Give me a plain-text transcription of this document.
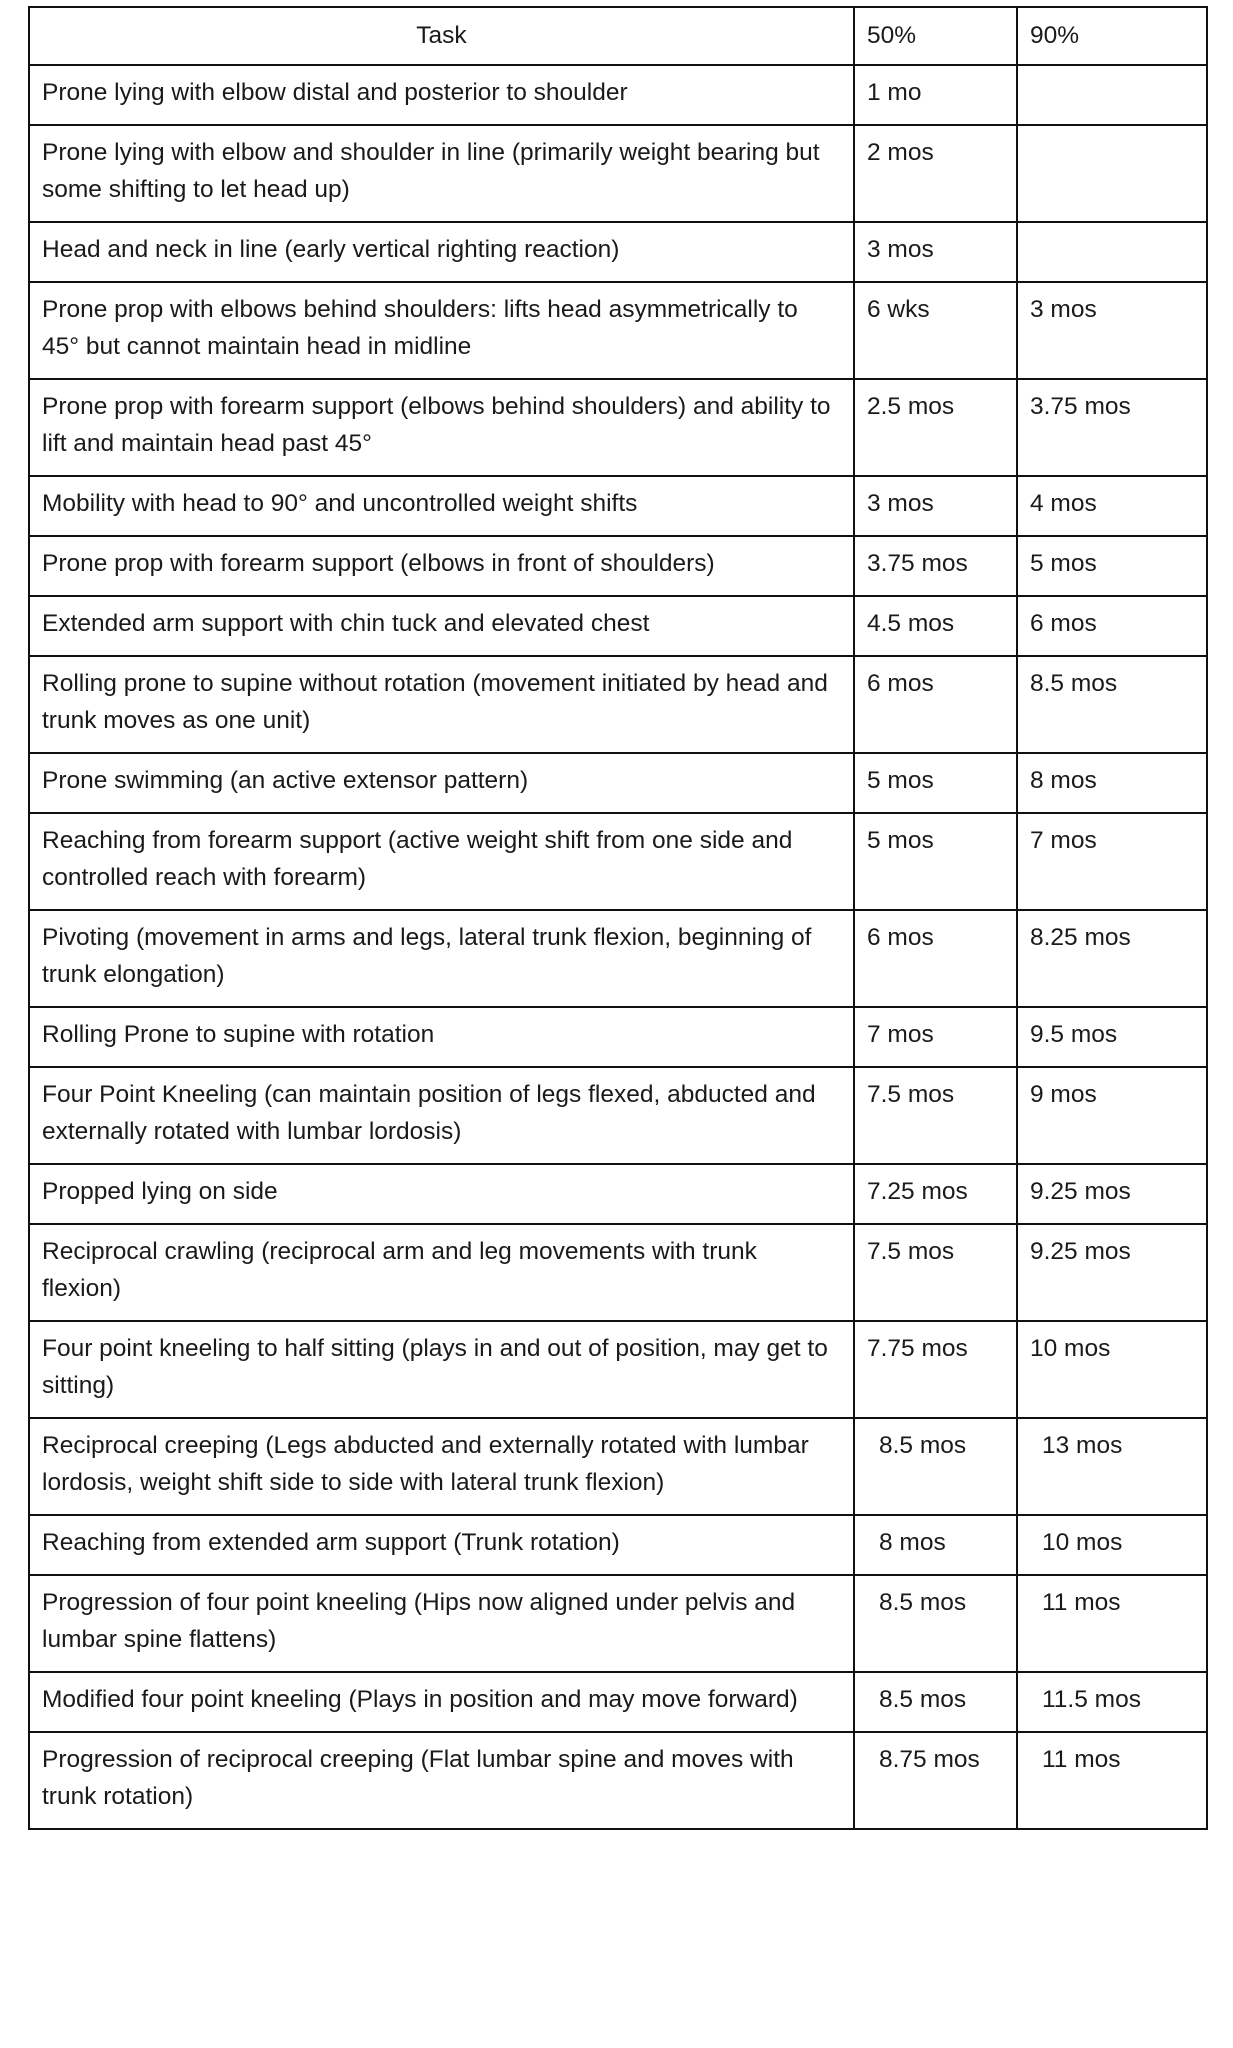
Task	50%	90%
Prone lying with elbow distal and posterior to shoulder	1 mo	
Prone lying with elbow and shoulder in line (primarily weight bearing but some shifting to let head up)	2 mos	
Head and neck in line (early vertical righting reaction)	3 mos	
Prone prop with elbows behind shoulders: lifts head asymmetrically to 45° but cannot maintain head in midline	6 wks	3 mos
Prone prop with forearm support (elbows behind shoulders) and ability to lift and maintain head past 45°	2.5 mos	3.75 mos
Mobility with head to 90° and uncontrolled weight shifts	3 mos	4 mos
Prone prop with forearm support (elbows in front of shoulders)	3.75 mos	5 mos
Extended arm support with chin tuck and elevated chest	4.5 mos	6 mos
Rolling prone to supine without rotation (movement initiated by head and trunk moves as one unit)	6 mos	8.5 mos
Prone swimming (an active extensor pattern)	5 mos	8 mos
Reaching from forearm support (active weight shift from one side and controlled reach with forearm)	5 mos	7 mos
Pivoting (movement in arms and legs, lateral trunk flexion, beginning of trunk elongation)	6 mos	8.25 mos
Rolling Prone to supine with rotation	7 mos	9.5 mos
Four Point Kneeling (can maintain position of legs flexed, abducted and externally rotated with lumbar lordosis)	7.5 mos	9 mos
Propped lying on side	7.25 mos	9.25 mos
Reciprocal crawling (reciprocal arm and leg movements with trunk flexion)	7.5 mos	9.25 mos
Four point kneeling to half sitting (plays in and out of position, may get to sitting)	7.75 mos	10 mos
Reciprocal creeping (Legs abducted and externally rotated with lumbar lordosis, weight shift side to side with lateral trunk flexion)	8.5 mos	13 mos
Reaching from extended arm support (Trunk rotation)	8 mos	10 mos
Progression of four point kneeling (Hips now aligned under pelvis and lumbar spine flattens)	8.5 mos	11 mos
Modified four point kneeling (Plays in position and may move forward)	8.5 mos	11.5 mos
Progression of reciprocal creeping (Flat lumbar spine and moves with trunk rotation)	8.75 mos	11 mos
